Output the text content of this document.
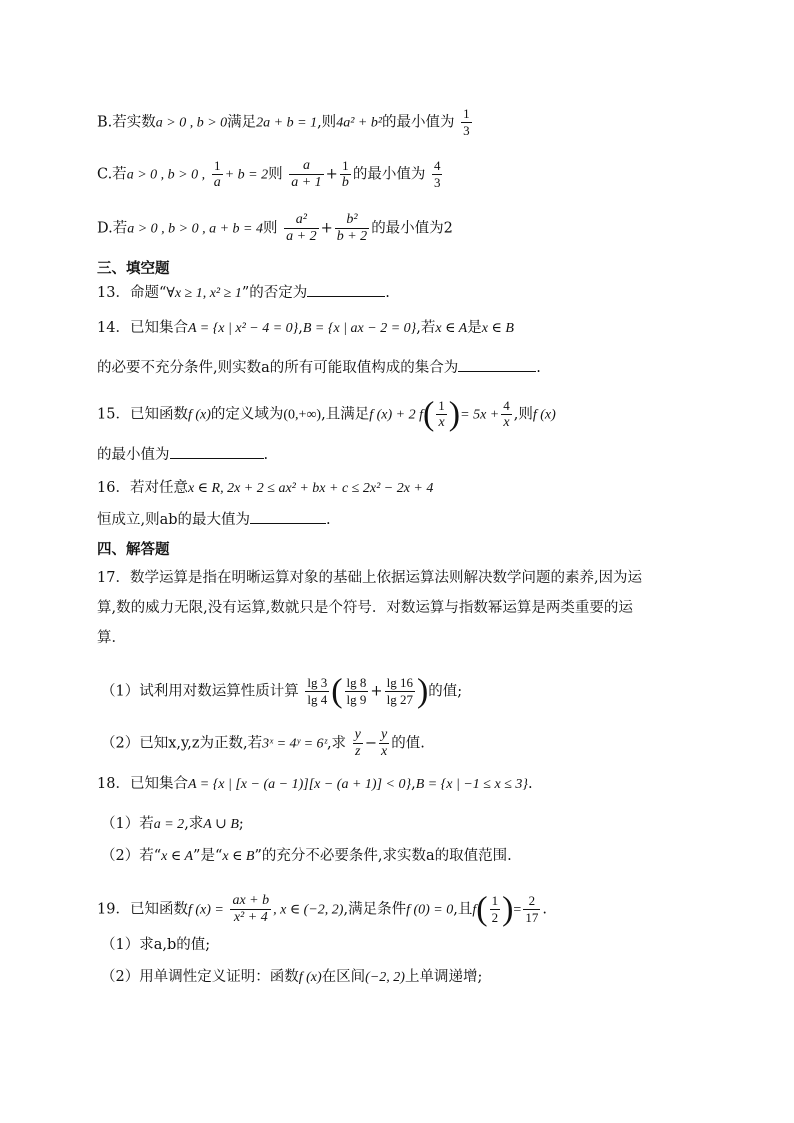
B.若实数a > 0 , b > 0满足2a + b = 1,则4a² + b²的最小值为 $\frac{1}{3}$
C.若a > 0 , b > 0 , $\frac{1}{a} + b = 2$则 $\frac{a}{a + 1} + \frac{1}{b}$ 的最小值为 $\frac{4}{3}$
D.若a > 0 , b > 0 , a + b = 4则 $\frac{\text{a²}}{a + 2} + \frac{\text{b²}}{b + 2}$ 的最小值为2
三、填空题
13．命题“∀x ≥ 1, x² ≥ 1”的否定为	.
14．已知集合A = {x | x² − 4 = 0},B = {x | ax − 2 = 0},若x ∈ A是x ∈ B
的必要不充分条件,则实数a的所有可能取值构成的集合为	.
15．已知函数f (x)的定义域为(0,+∞),且满足f (x) + 2 $f( \frac{1}{x}$ )= $5x + \frac{4}{x}$ ,则f (x)
的最小值为	.
16．若对任意x ∈ R, 2x + 2 ≤ ax² + bx + c ≤ 2x² − 2x + 4
恒成立,则ab的最大值为	.
四、解答题
17．数学运算是指在明晰运算对象的基础上依据运算法则解决数学问题的素养,因为运
算,数的威力无限,没有运算,数就只是个符号．对数运算与指数幂运算是两类重要的运
算．
（1）试利用对数运算性质计算 $\frac{\lg 3}{\lg 4}$ ( $\frac{\lg 8}{\lg 9} + \frac{\lg 16}{\lg 27}$ )的值;
（2）已知x,y,z为正数,若3ˣ = 4ʸ = 6ᶻ,求 $\frac{y}{z} - \frac{y}{x}$ 的值.
18．已知集合A = {x | [x − (a − 1)][x − (a + 1)] < 0},B = {x | −1 ≤ x ≤ 3}.
（1）若a = 2,求A ∪ B;
（2）若“x ∈ A”是“x ∈ B”的充分不必要条件,求实数a的取值范围.
19．已知函数f $(x) = \frac{ax + b}{\text{x² + 4}}$ , x ∈ (−2, 2),满足条件f (0) = 0,且$f( \frac{1}{2}$ )= $\frac{2}{17}$ .
（1）求a,b的值;
（2）用单调性定义证明：函数f (x)在区间(−2, 2)上单调递增;
